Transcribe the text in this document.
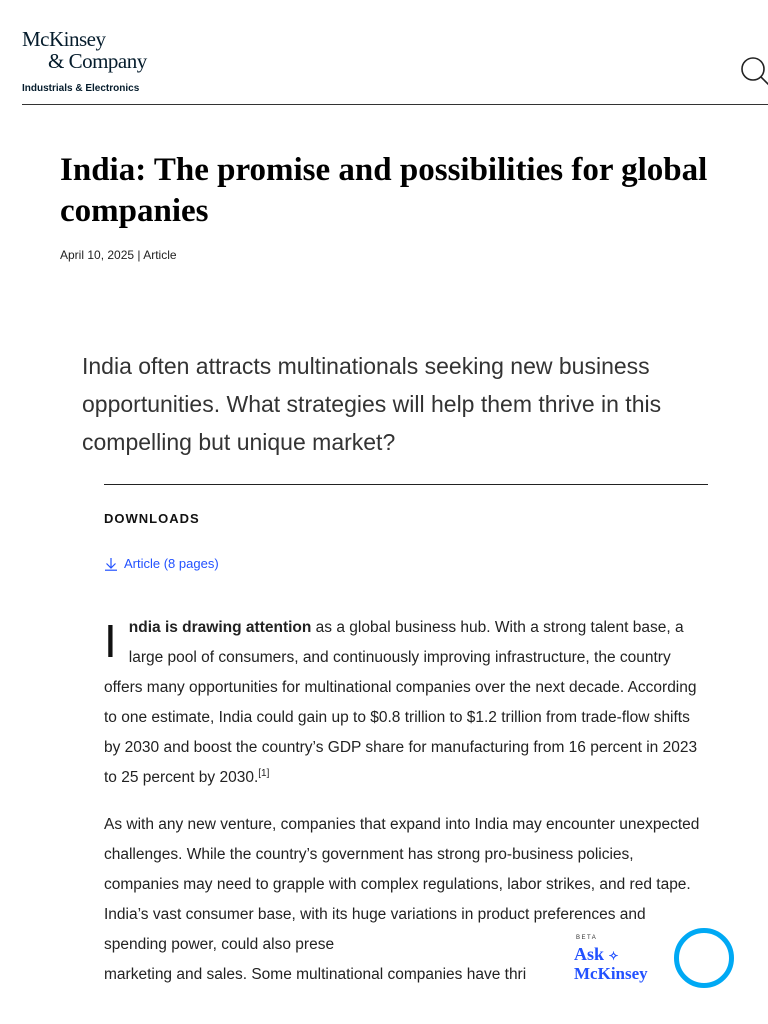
McKinsey
& Company
Industrials & Electronics
India: The promise and possibilities for global companies
April 10, 2025 | Article

India often attracts multinationals seeking new business opportunities. What strategies will help them thrive in this compelling but unique market?

DOWNLOADS
Article (8 pages)

India is drawing attention as a global business hub. With a strong talent base, a large pool of consumers, and continuously improving infrastructure, the country offers many opportunities for multinational companies over the next decade. According to one estimate, India could gain up to $0.8 trillion to $1.2 trillion from trade-flow shifts by 2030 and boost the country’s GDP share for manufacturing from 16 percent in 2023 to 25 percent by 2030.[1]

As with any new venture, companies that expand into India may encounter unexpected challenges. While the country’s government has strong pro-business policies, companies may need to grapple with complex regulations, labor strikes, and red tape. India’s vast consumer base, with its huge variations in product preferences and spending power, could also prese
marketing and sales. Some multinational companies have thri

BETA
Ask ✧
McKinsey
